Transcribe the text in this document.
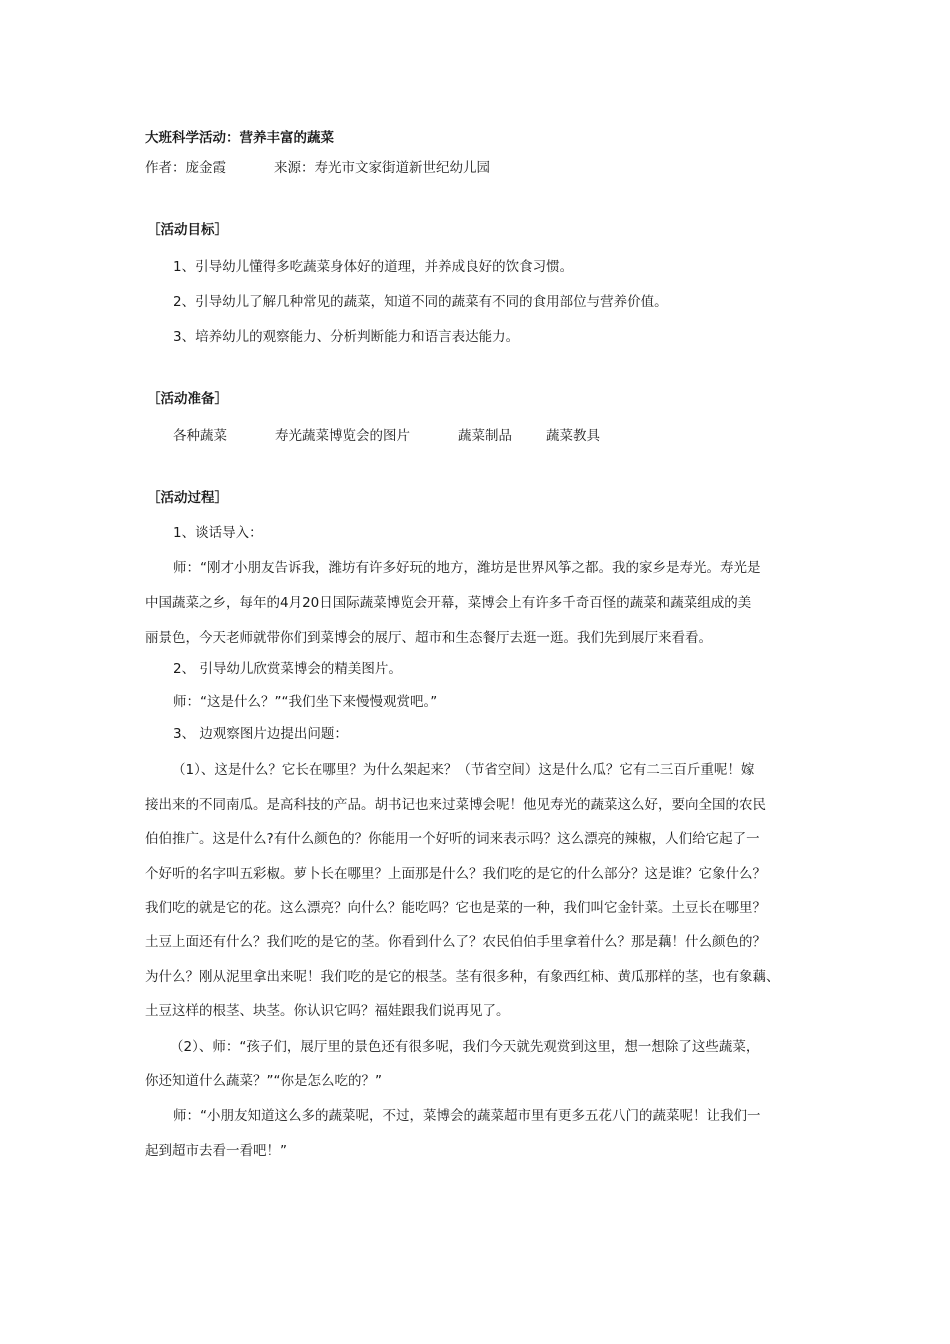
大班科学活动：营养丰富的蔬菜
作者：庞金霞	来源：寿光市文家街道新世纪幼儿园
［活动目标］
1、引导幼儿懂得多吃蔬菜身体好的道理，并养成良好的饮食习惯。
2、引导幼儿了解几种常见的蔬菜，知道不同的蔬菜有不同的食用部位与营养价值。
3、培养幼儿的观察能力、分析判断能力和语言表达能力。
［活动准备］
各种蔬菜	寿光蔬菜博览会的图片	蔬菜制品	蔬菜教具
［活动过程］
1、谈话导入：
师：“刚才小朋友告诉我，潍坊有许多好玩的地方，潍坊是世界风筝之都。我的家乡是寿光。寿光是
中国蔬菜之乡，每年的4月20日国际蔬菜博览会开幕，菜博会上有许多千奇百怪的蔬菜和蔬菜组成的美
丽景色，今天老师就带你们到菜博会的展厅、超市和生态餐厅去逛一逛。我们先到展厅来看看。
2、 引导幼儿欣赏菜博会的精美图片。
师：“这是什么？”“我们坐下来慢慢观赏吧。”
3、 边观察图片边提出问题：
（1）、这是什么？它长在哪里？为什么架起来？（节省空间）这是什么瓜？它有二三百斤重呢！嫁
接出来的不同南瓜。是高科技的产品。胡书记也来过菜博会呢！他见寿光的蔬菜这么好，要向全国的农民
伯伯推广。这是什么?有什么颜色的？你能用一个好听的词来表示吗？这么漂亮的辣椒，人们给它起了一
个好听的名字叫五彩椒。萝卜长在哪里？上面那是什么？我们吃的是它的什么部分？这是谁？它象什么？
我们吃的就是它的花。这么漂亮？向什么？能吃吗？它也是菜的一种，我们叫它金针菜。土豆长在哪里？
土豆上面还有什么？我们吃的是它的茎。你看到什么了？农民伯伯手里拿着什么？那是藕！什么颜色的？
为什么？刚从泥里拿出来呢！我们吃的是它的根茎。茎有很多种，有象西红柿、黄瓜那样的茎，也有象藕、
土豆这样的根茎、块茎。你认识它吗？福娃跟我们说再见了。
（2）、师：“孩子们，展厅里的景色还有很多呢，我们今天就先观赏到这里，想一想除了这些蔬菜，
你还知道什么蔬菜？”“你是怎么吃的？”
师：“小朋友知道这么多的蔬菜呢，不过，菜博会的蔬菜超市里有更多五花八门的蔬菜呢！让我们一
起到超市去看一看吧！”
